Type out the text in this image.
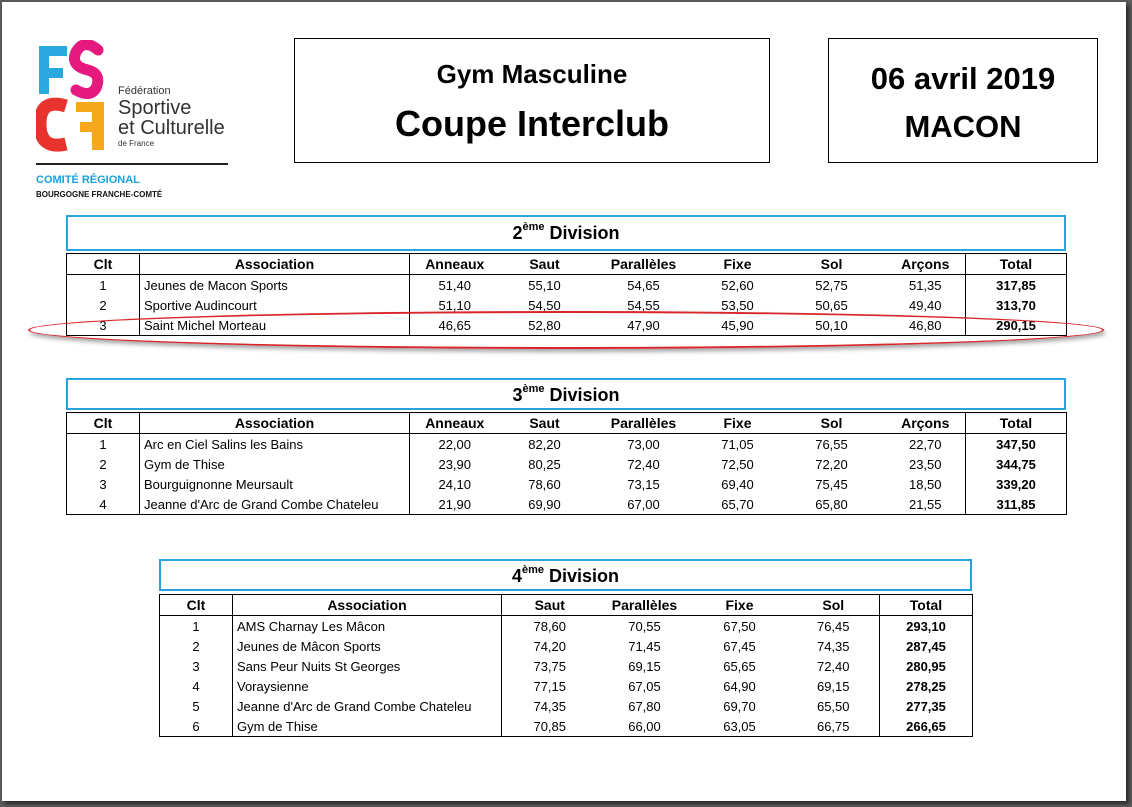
Fédération
Sportive
et Culturelle
de France
COMITÉ RÉGIONAL
BOURGOGNE FRANCHE-COMTÉ
Gym Masculine
Coupe Interclub
06 avril 2019
MACON
2ème Division
Clt	Association	Anneaux	Saut	Parallèles	Fixe	Sol	Arçons	Total
1	Jeunes de Macon Sports	51,40	55,10	54,65	52,60	52,75	51,35	317,85
2	Sportive Audincourt	51,10	54,50	54,55	53,50	50,65	49,40	313,70
3	Saint Michel Morteau	46,65	52,80	47,90	45,90	50,10	46,80	290,15
3ème Division
Clt	Association	Anneaux	Saut	Parallèles	Fixe	Sol	Arçons	Total
1	Arc en Ciel Salins les Bains	22,00	82,20	73,00	71,05	76,55	22,70	347,50
2	Gym de Thise	23,90	80,25	72,40	72,50	72,20	23,50	344,75
3	Bourguignonne Meursault	24,10	78,60	73,15	69,40	75,45	18,50	339,20
4	Jeanne d'Arc de Grand Combe Chateleu	21,90	69,90	67,00	65,70	65,80	21,55	311,85
4ème Division
Clt	Association	Saut	Parallèles	Fixe	Sol	Total
1	AMS Charnay Les Mâcon	78,60	70,55	67,50	76,45	293,10
2	Jeunes de Mâcon Sports	74,20	71,45	67,45	74,35	287,45
3	Sans Peur Nuits St Georges	73,75	69,15	65,65	72,40	280,95
4	Voraysienne	77,15	67,05	64,90	69,15	278,25
5	Jeanne d'Arc de Grand Combe Chateleu	74,35	67,80	69,70	65,50	277,35
6	Gym de Thise	70,85	66,00	63,05	66,75	266,65
